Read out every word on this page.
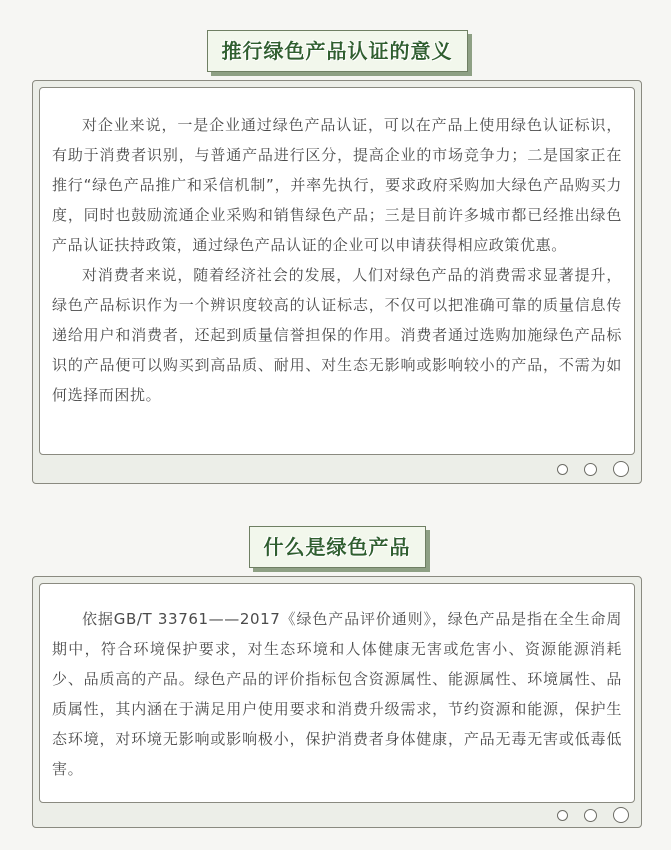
推行绿色产品认证的意义

对企业来说，一是企业通过绿色产品认证，可以在产品上使用绿色认证标识，有助于消费者识别，与普通产品进行区分，提高企业的市场竞争力；二是国家正在推行“绿色产品推广和采信机制”，并率先执行，要求政府采购加大绿色产品购买力度，同时也鼓励流通企业采购和销售绿色产品；三是目前许多城市都已经推出绿色产品认证扶持政策，通过绿色产品认证的企业可以申请获得相应政策优惠。

对消费者来说，随着经济社会的发展，人们对绿色产品的消费需求显著提升，绿色产品标识作为一个辨识度较高的认证标志，不仅可以把准确可靠的质量信息传递给用户和消费者，还起到质量信誉担保的作用。消费者通过选购加施绿色产品标识的产品便可以购买到高品质、耐用、对生态无影响或影响较小的产品，不需为如何选择而困扰。

什么是绿色产品

依据GB/T 33761——2017《绿色产品评价通则》，绿色产品是指在全生命周期中，符合环境保护要求，对生态环境和人体健康无害或危害小、资源能源消耗少、品质高的产品。绿色产品的评价指标包含资源属性、能源属性、环境属性、品质属性，其内涵在于满足用户使用要求和消费升级需求，节约资源和能源，保护生态环境，对环境无影响或影响极小，保护消费者身体健康，产品无毒无害或低毒低害。
